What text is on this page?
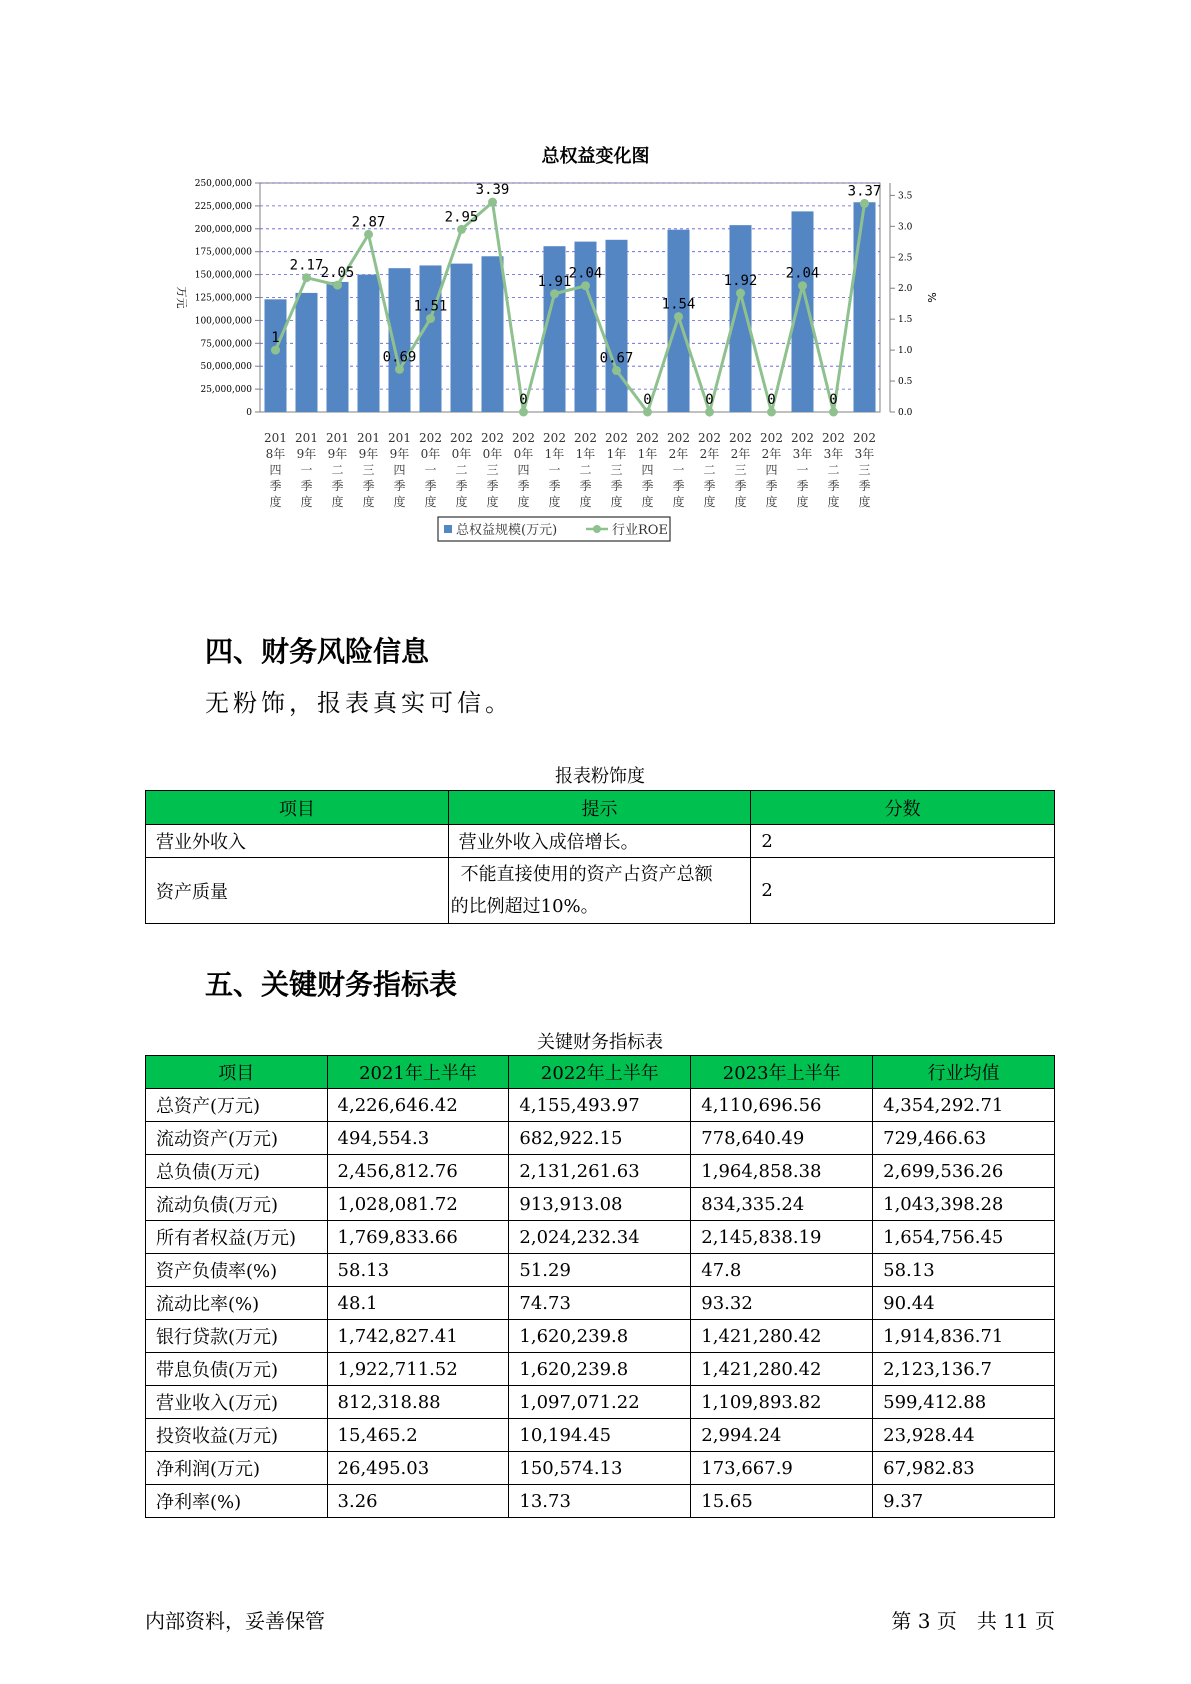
总权益变化图
0
25,000,000
50,000,000
75,000,000
100,000,000
125,000,000
150,000,000
175,000,000
200,000,000
225,000,000
250,000,000
0.0
0.5
1.0
1.5
2.0
2.5
3.0
3.5
万元	%
1
2.17
2.05
2.87
0.69
1.51
2.95
3.39
0
1.91
2.04
0.67
0
1.54
0
1.92
0
2.04
0
3.37
201 8年四季度
201 9年一季度
201 9年二季度
201 9年三季度
201 9年四季度
202 0年一季度
202 0年二季度
202 0年三季度
202 0年四季度
202 1年一季度
202 1年二季度
202 1年三季度
202 1年四季度
202 2年一季度
202 2年二季度
202 2年三季度
202 2年四季度
202 3年一季度
202 3年二季度
202 3年三季度
总权益规模(万元)	行业ROE
四、财务风险信息
无粉饰，报表真实可信。
报表粉饰度
项目	提示	分数
营业外收入	营业外收入成倍增长。	2
资产质量	不能直接使用的资产占资产总额
的比例超过10%。	2
五、关键财务指标表
关键财务指标表
项目	2021年上半年	2022年上半年	2023年上半年	行业均值
总资产(万元)	4,226,646.42	4,155,493.97	4,110,696.56	4,354,292.71
流动资产(万元)	494,554.3	682,922.15	778,640.49	729,466.63
总负债(万元)	2,456,812.76	2,131,261.63	1,964,858.38	2,699,536.26
流动负债(万元)	1,028,081.72	913,913.08	834,335.24	1,043,398.28
所有者权益(万元)	1,769,833.66	2,024,232.34	2,145,838.19	1,654,756.45
资产负债率(%)	58.13	51.29	47.8	58.13
流动比率(%)	48.1	74.73	93.32	90.44
银行贷款(万元)	1,742,827.41	1,620,239.8	1,421,280.42	1,914,836.71
带息负债(万元)	1,922,711.52	1,620,239.8	1,421,280.42	2,123,136.7
营业收入(万元)	812,318.88	1,097,071.22	1,109,893.82	599,412.88
投资收益(万元)	15,465.2	10,194.45	2,994.24	23,928.44
净利润(万元)	26,495.03	150,574.13	173,667.9	67,982.83
净利率(%)	3.26	13.73	15.65	9.37
内部资料，妥善保管	第 3 页　共 11 页
